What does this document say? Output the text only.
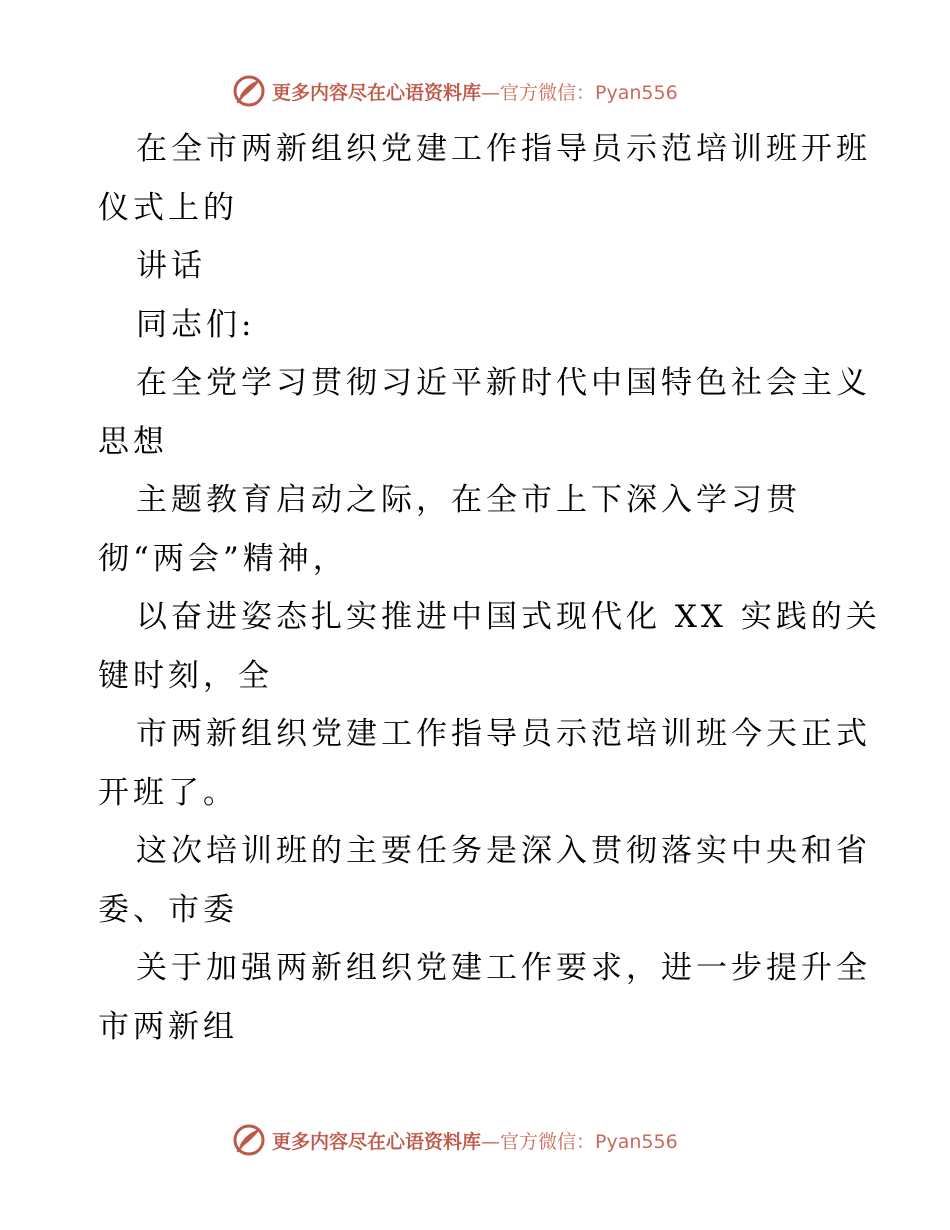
更多内容尽在心语资料库—官方微信：Pyan556
在全市两新组织党建工作指导员示范培训班开班
仪式上的
讲话
同志们:
在全党学习贯彻习近平新时代中国特色社会主义
思想
主题教育启动之际，在全市上下深入学习贯
彻“两会”精神，
以奋进姿态扎实推进中国式现代化 XX 实践的关
键时刻，全
市两新组织党建工作指导员示范培训班今天正式
开班了。
这次培训班的主要任务是深入贯彻落实中央和省
委、市委
关于加强两新组织党建工作要求，进一步提升全
市两新组
更多内容尽在心语资料库—官方微信：Pyan556
